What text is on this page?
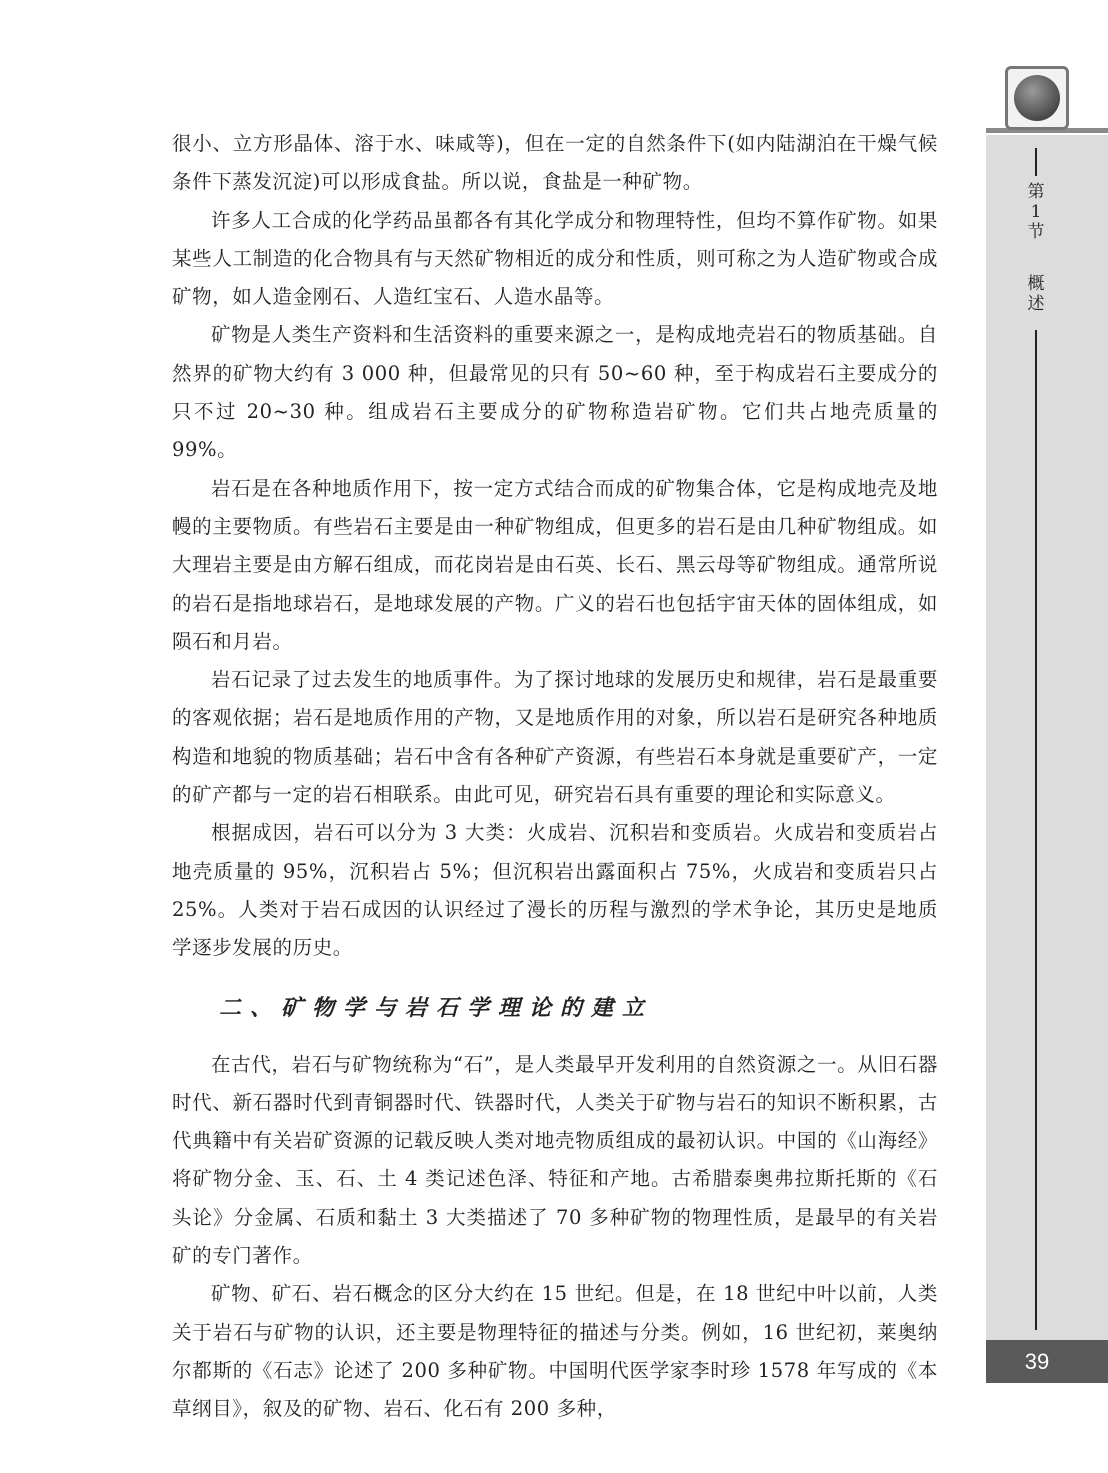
第
1
节
概
述
39

很小、立方形晶体、溶于水、味咸等)，但在一定的自然条件下(如内陆湖泊在干燥气候条件下蒸发沉淀)可以形成食盐。所以说，食盐是一种矿物。

许多人工合成的化学药品虽都各有其化学成分和物理特性，但均不算作矿物。如果某些人工制造的化合物具有与天然矿物相近的成分和性质，则可称之为人造矿物或合成矿物，如人造金刚石、人造红宝石、人造水晶等。

矿物是人类生产资料和生活资料的重要来源之一，是构成地壳岩石的物质基础。自然界的矿物大约有 3 000 种，但最常见的只有 50~60 种，至于构成岩石主要成分的只不过 20~30 种。组成岩石主要成分的矿物称造岩矿物。它们共占地壳质量的 99%。

岩石是在各种地质作用下，按一定方式结合而成的矿物集合体，它是构成地壳及地幔的主要物质。有些岩石主要是由一种矿物组成，但更多的岩石是由几种矿物组成。如大理岩主要是由方解石组成，而花岗岩是由石英、长石、黑云母等矿物组成。通常所说的岩石是指地球岩石，是地球发展的产物。广义的岩石也包括宇宙天体的固体组成，如陨石和月岩。

岩石记录了过去发生的地质事件。为了探讨地球的发展历史和规律，岩石是最重要的客观依据；岩石是地质作用的产物，又是地质作用的对象，所以岩石是研究各种地质构造和地貌的物质基础；岩石中含有各种矿产资源，有些岩石本身就是重要矿产，一定的矿产都与一定的岩石相联系。由此可见，研究岩石具有重要的理论和实际意义。

根据成因，岩石可以分为 3 大类：火成岩、沉积岩和变质岩。火成岩和变质岩占地壳质量的 95%，沉积岩占 5%；但沉积岩出露面积占 75%，火成岩和变质岩只占 25%。人类对于岩石成因的认识经过了漫长的历程与激烈的学术争论，其历史是地质学逐步发展的历史。

二、矿物学与岩石学理论的建立

在古代，岩石与矿物统称为“石”，是人类最早开发利用的自然资源之一。从旧石器时代、新石器时代到青铜器时代、铁器时代，人类关于矿物与岩石的知识不断积累，古代典籍中有关岩矿资源的记载反映人类对地壳物质组成的最初认识。中国的《山海经》将矿物分金、玉、石、土 4 类记述色泽、特征和产地。古希腊泰奥弗拉斯托斯的《石头论》分金属、石质和黏土 3 大类描述了 70 多种矿物的物理性质，是最早的有关岩矿的专门著作。

矿物、矿石、岩石概念的区分大约在 15 世纪。但是，在 18 世纪中叶以前，人类关于岩石与矿物的认识，还主要是物理特征的描述与分类。例如，16 世纪初，莱奥纳尔都斯的《石志》论述了 200 多种矿物。中国明代医学家李时珍 1578 年写成的《本草纲目》，叙及的矿物、岩石、化石有 200 多种，
